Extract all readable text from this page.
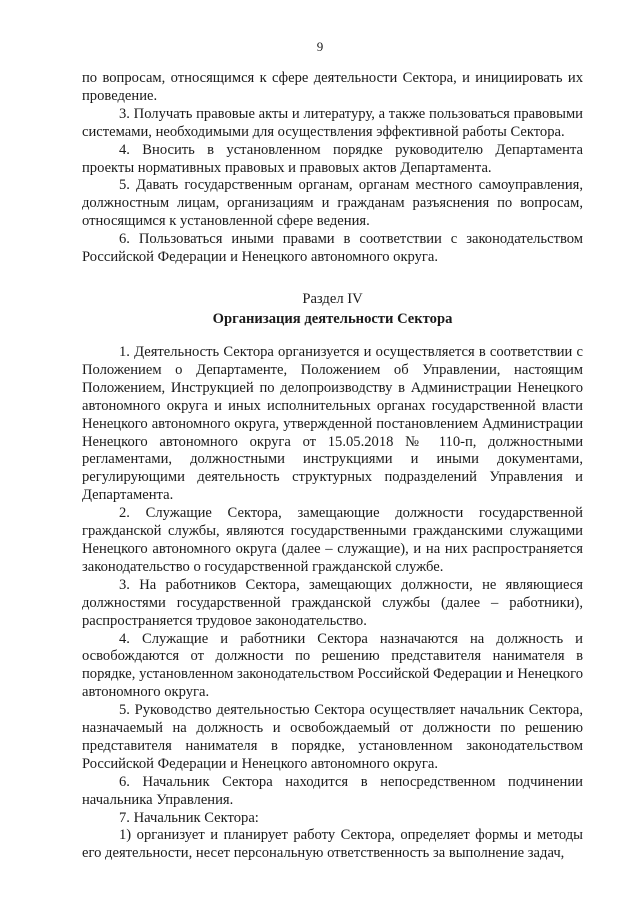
9

по вопросам, относящимся к сфере деятельности Сектора, и инициировать их проведение.

3. Получать правовые акты и литературу, а также пользоваться правовыми системами, необходимыми для осуществления эффективной работы Сектора.

4. Вносить в установленном порядке руководителю Департамента проекты нормативных правовых и правовых актов Департамента.

5. Давать государственным органам, органам местного самоуправления, должностным лицам, организациям и гражданам разъяснения по вопросам, относящимся к установленной сфере ведения.

6. Пользоваться иными правами в соответствии с законодательством Российской Федерации и Ненецкого автономного округа.

Раздел IV
Организация деятельности Сектора

1. Деятельность Сектора организуется и осуществляется в соответствии с Положением о Департаменте, Положением об Управлении, настоящим Положением, Инструкцией по делопроизводству в Администрации Ненецкого автономного округа и иных исполнительных органах государственной власти Ненецкого автономного округа, утвержденной постановлением Администрации Ненецкого автономного округа от 15.05.2018 № 110-п, должностными регламентами, должностными инструкциями и иными документами, регулирующими деятельность структурных подразделений Управления и Департамента.

2. Служащие Сектора, замещающие должности государственной гражданской службы, являются государственными гражданскими служащими Ненецкого автономного округа (далее – служащие), и на них распространяется законодательство о государственной гражданской службе.

3. На работников Сектора, замещающих должности, не являющиеся должностями государственной гражданской службы (далее – работники), распространяется трудовое законодательство.

4. Служащие и работники Сектора назначаются на должность и освобождаются от должности по решению представителя нанимателя в порядке, установленном законодательством Российской Федерации и Ненецкого автономного округа.

5. Руководство деятельностью Сектора осуществляет начальник Сектора, назначаемый на должность и освобождаемый от должности по решению представителя нанимателя в порядке, установленном законодательством Российской Федерации и Ненецкого автономного округа.

6. Начальник Сектора находится в непосредственном подчинении начальника Управления.

7. Начальник Сектора:

1) организует и планирует работу Сектора, определяет формы и методы его деятельности, несет персональную ответственность за выполнение задач,
